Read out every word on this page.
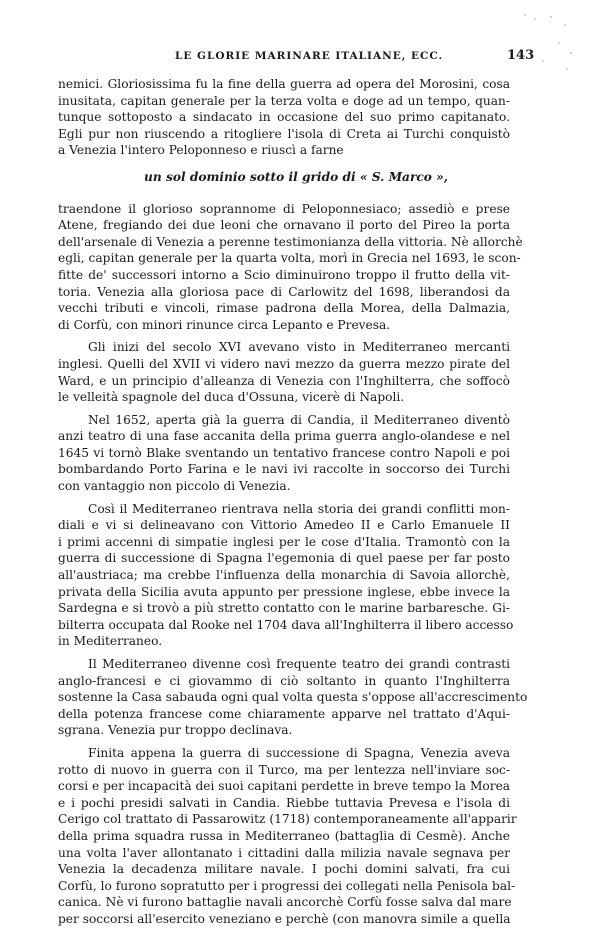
LE GLORIE MARINARE ITALIANE, ECC.	143
nemici. Gloriosissima fu la fine della guerra ad opera del Morosini, cosa
inusitata, capitan generale per la terza volta e doge ad un tempo, quan-
tunque sottoposto a sindacato in occasione del suo primo capitanato.
Egli pur non riuscendo a ritogliere l'isola di Creta ai Turchi conquistò
a Venezia l'intero Peloponneso e riuscì a farne
un sol dominio sotto il grido di « S. Marco »,
traendone il glorioso soprannome di Peloponnesiaco; assediò e prese
Atene, fregiando dei due leoni che ornavano il porto del Pireo la porta
dell'arsenale di Venezia a perenne testimonianza della vittoria. Nè allorchè
egli, capitan generale per la quarta volta, morì in Grecia nel 1693, le scon-
fitte de' successori intorno a Scio diminuirono troppo il frutto della vit-
toria. Venezia alla gloriosa pace di Carlowitz del 1698, liberandosi da
vecchi tributi e vincoli, rimase padrona della Morea, della Dalmazia,
di Corfù, con minori rinunce circa Lepanto e Prevesa.
Gli inizi del secolo XVI avevano visto in Mediterraneo mercanti
inglesi. Quelli del XVII vi videro navi mezzo da guerra mezzo pirate del
Ward, e un principio d'alleanza di Venezia con l'Inghilterra, che soffocò
le velleità spagnole del duca d'Ossuna, vicerè di Napoli.
Nel 1652, aperta già la guerra di Candia, il Mediterraneo diventò
anzi teatro di una fase accanita della prima guerra anglo-olandese e nel
1645 vi tornò Blake sventando un tentativo francese contro Napoli e poi
bombardando Porto Farina e le navi ivi raccolte in soccorso dei Turchi
con vantaggio non piccolo di Venezia.
Così il Mediterraneo rientrava nella storia dei grandi conflitti mon-
diali e vi si delineavano con Vittorio Amedeo II e Carlo Emanuele II
i primi accenni di simpatie inglesi per le cose d'Italia. Tramontò con la
guerra di successione di Spagna l'egemonia di quel paese per far posto
all'austriaca; ma crebbe l'influenza della monarchia di Savoia allorchè,
privata della Sicilia avuta appunto per pressione inglese, ebbe invece la
Sardegna e si trovò a più stretto contatto con le marine barbaresche. Gi-
bilterra occupata dal Rooke nel 1704 dava all'Inghilterra il libero accesso
in Mediterraneo.
Il Mediterraneo divenne così frequente teatro dei grandi contrasti
anglo-francesi e ci giovammo di ciò soltanto in quanto l'Inghilterra
sostenne la Casa sabauda ogni qual volta questa s'oppose all'accrescimento
della potenza francese come chiaramente apparve nel trattato d'Aqui-
sgrana. Venezia pur troppo declinava.
Finita appena la guerra di successione di Spagna, Venezia aveva
rotto di nuovo in guerra con il Turco, ma per lentezza nell'inviare soc-
corsi e per incapacità dei suoi capitani perdette in breve tempo la Morea
e i pochi presidi salvati in Candia. Riebbe tuttavia Prevesa e l'isola di
Cerigo col trattato di Passarowitz (1718) contemporaneamente all'apparir
della prima squadra russa in Mediterraneo (battaglia di Cesmè). Anche
una volta l'aver allontanato i cittadini dalla milizia navale segnava per
Venezia la decadenza militare navale. I pochi domini salvati, fra cui
Corfù, lo furono sopratutto per i progressi dei collegati nella Penisola bal-
canica. Nè vi furono battaglie navali ancorchè Corfù fosse salva dal mare
per soccorsi all'esercito veneziano e perchè (con manovra simile a quella
